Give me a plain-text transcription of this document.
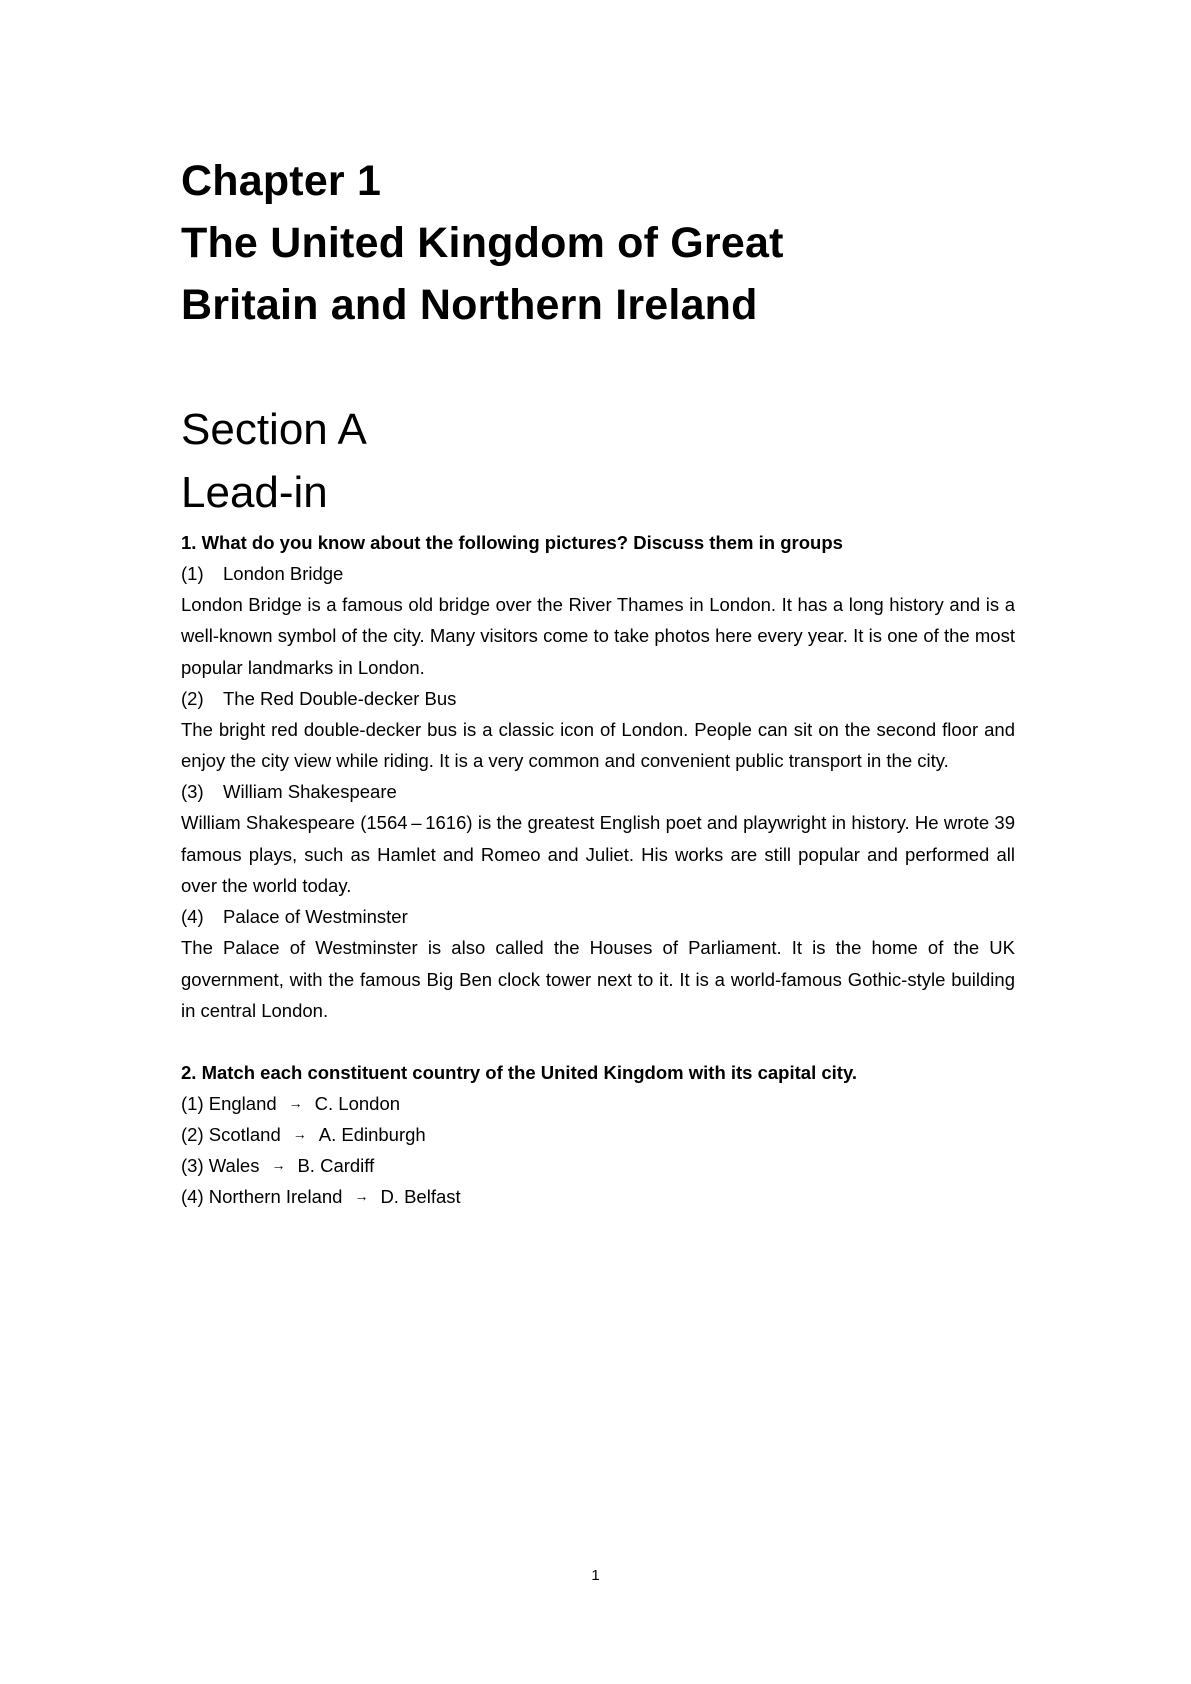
Chapter 1
The United Kingdom of Great
Britain and Northern Ireland
Section A
Lead-in

1. What do you know about the following pictures? Discuss them in groups

(1) London Bridge

London Bridge is a famous old bridge over the River Thames in London. It has a long history and is a well-known symbol of the city. Many visitors come to take photos here every year. It is one of the most popular landmarks in London.

(2) The Red Double-decker Bus

The bright red double-decker bus is a classic icon of London. People can sit on the second floor and enjoy the city view while riding. It is a very common and convenient public transport in the city.

(3) William Shakespeare

William Shakespeare (1564 – 1616) is the greatest English poet and playwright in history. He wrote 39 famous plays, such as Hamlet and Romeo and Juliet. His works are still popular and performed all over the world today.

(4) Palace of Westminster

The Palace of Westminster is also called the Houses of Parliament. It is the home of the UK government, with the famous Big Ben clock tower next to it. It is a world-famous Gothic-style building in central London.

2. Match each constituent country of the United Kingdom with its capital city.

(1) England → C. London
(2) Scotland → A. Edinburgh
(3) Wales → B. Cardiff
(4) Northern Ireland → D. Belfast
1
